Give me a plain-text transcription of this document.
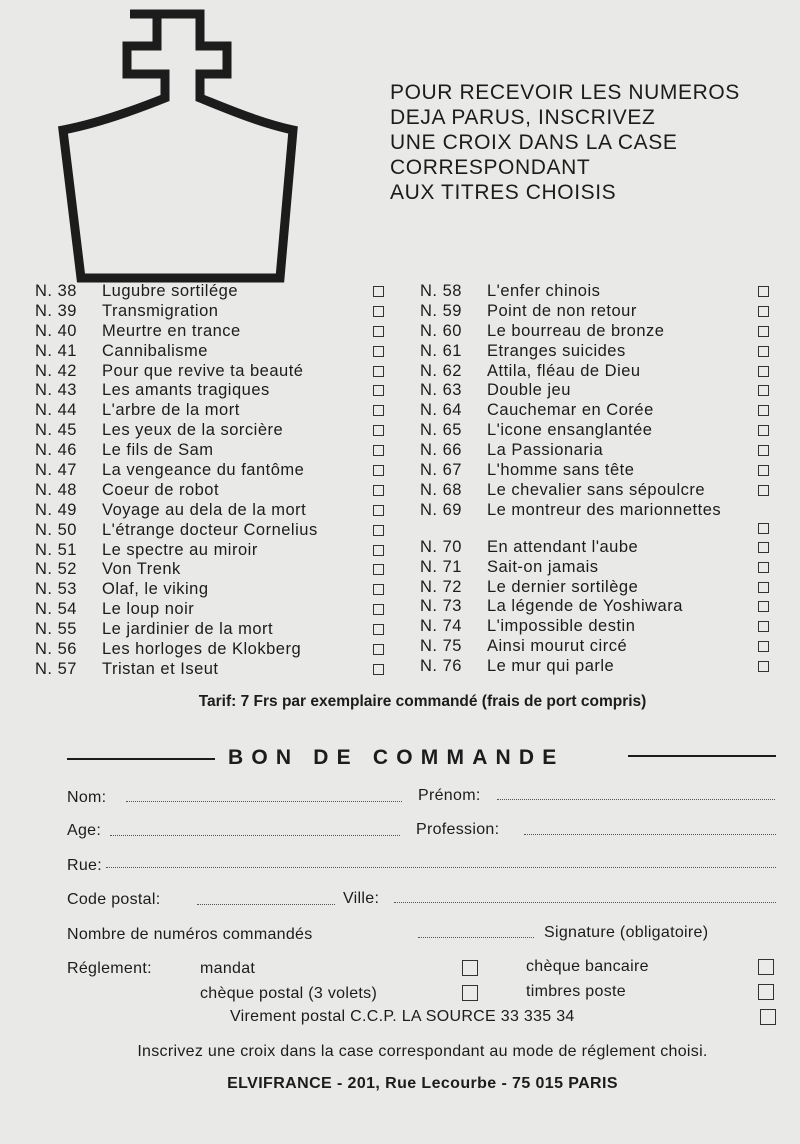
POUR RECEVOIR LES NUMEROS
DEJA PARUS, INSCRIVEZ
UNE CROIX DANS LA CASE
CORRESPONDANT
AUX TITRES CHOISIS
N. 38 Lugubre sortilége
N. 39 Transmigration
N. 40 Meurtre en trance
N. 41 Cannibalisme
N. 42 Pour que revive ta beauté
N. 43 Les amants tragiques
N. 44 L'arbre de la mort
N. 45 Les yeux de la sorcière
N. 46 Le fils de Sam
N. 47 La vengeance du fantôme
N. 48 Coeur de robot
N. 49 Voyage au dela de la mort
N. 50 L'étrange docteur Cornelius
N. 51 Le spectre au miroir
N. 52 Von Trenk
N. 53 Olaf, le viking
N. 54 Le loup noir
N. 55 Le jardinier de la mort
N. 56 Les horloges de Klokberg
N. 57 Tristan et Iseut
N. 58 L'enfer chinois
N. 59 Point de non retour
N. 60 Le bourreau de bronze
N. 61 Etranges suicides
N. 62 Attila, fléau de Dieu
N. 63 Double jeu
N. 64 Cauchemar en Corée
N. 65 L'icone ensanglantée
N. 66 La Passionaria
N. 67 L'homme sans tête
N. 68 Le chevalier sans sépoulcre
N. 69 Le montreur des marionnettes
N. 70 En attendant l'aube
N. 71 Sait-on jamais
N. 72 Le dernier sortilège
N. 73 La légende de Yoshiwara
N. 74 L'impossible destin
N. 75 Ainsi mourut circé
N. 76 Le mur qui parle
Tarif: 7 Frs par exemplaire commandé (frais de port compris)
BON DE COMMANDE
Nom:	Prénom:
Age:	Profession:
Rue:
Code postal:	Ville:
Nombre de numéros commandés	Signature (obligatoire)
Réglement:	mandat	chèque bancaire
chèque postal (3 volets)	timbres poste
Virement postal C.C.P. LA SOURCE 33 335 34
Inscrivez une croix dans la case correspondant au mode de réglement choisi.
ELVIFRANCE - 201, Rue Lecourbe - 75 015 PARIS
